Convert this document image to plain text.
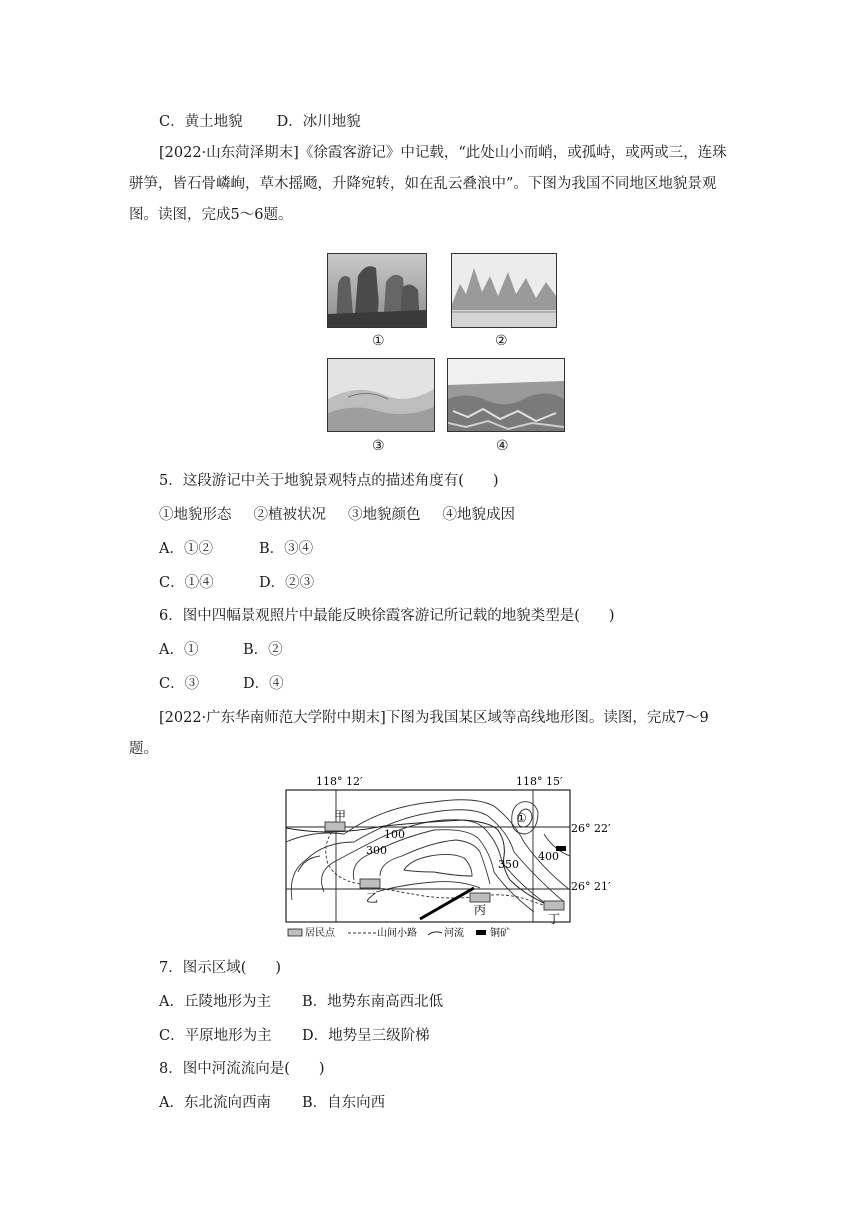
C．黄土地貌 D．冰川地貌
[2022·山东菏泽期末]《徐霞客游记》中记载，“此处山小而峭，或孤峙，或两或三，连珠骈笋，皆石骨嶙峋，草木摇飏，升降宛转，如在乱云叠浪中”。下图为我国不同地区地貌景观图。读图，完成5～6题。
①	②
③	④
5．这段游记中关于地貌景观特点的描述角度有(　　)
①地貌形态 ②植被状况 ③地貌颜色 ④地貌成因
A．①②	B．③④
C．①④	D．②③
6．图中四幅景观照片中最能反映徐霞客游记所记载的地貌类型是(　　)
A．①	B．②
C．③	D．④
[2022·广东华南师范大学附中期末]下图为我国某区域等高线地形图。读图，完成7～9题。
118° 12′	118° 15′
26° 22′
26° 21′
甲
乙
丙
丁
①
100
300
350
400
居民点	山间小路	河流	铜矿
7．图示区域(　　)
A．丘陵地形为主 B．地势东南高西北低
C．平原地形为主 D．地势呈三级阶梯
8．图中河流流向是(　　)
A．东北流向西南 B．自东向西
